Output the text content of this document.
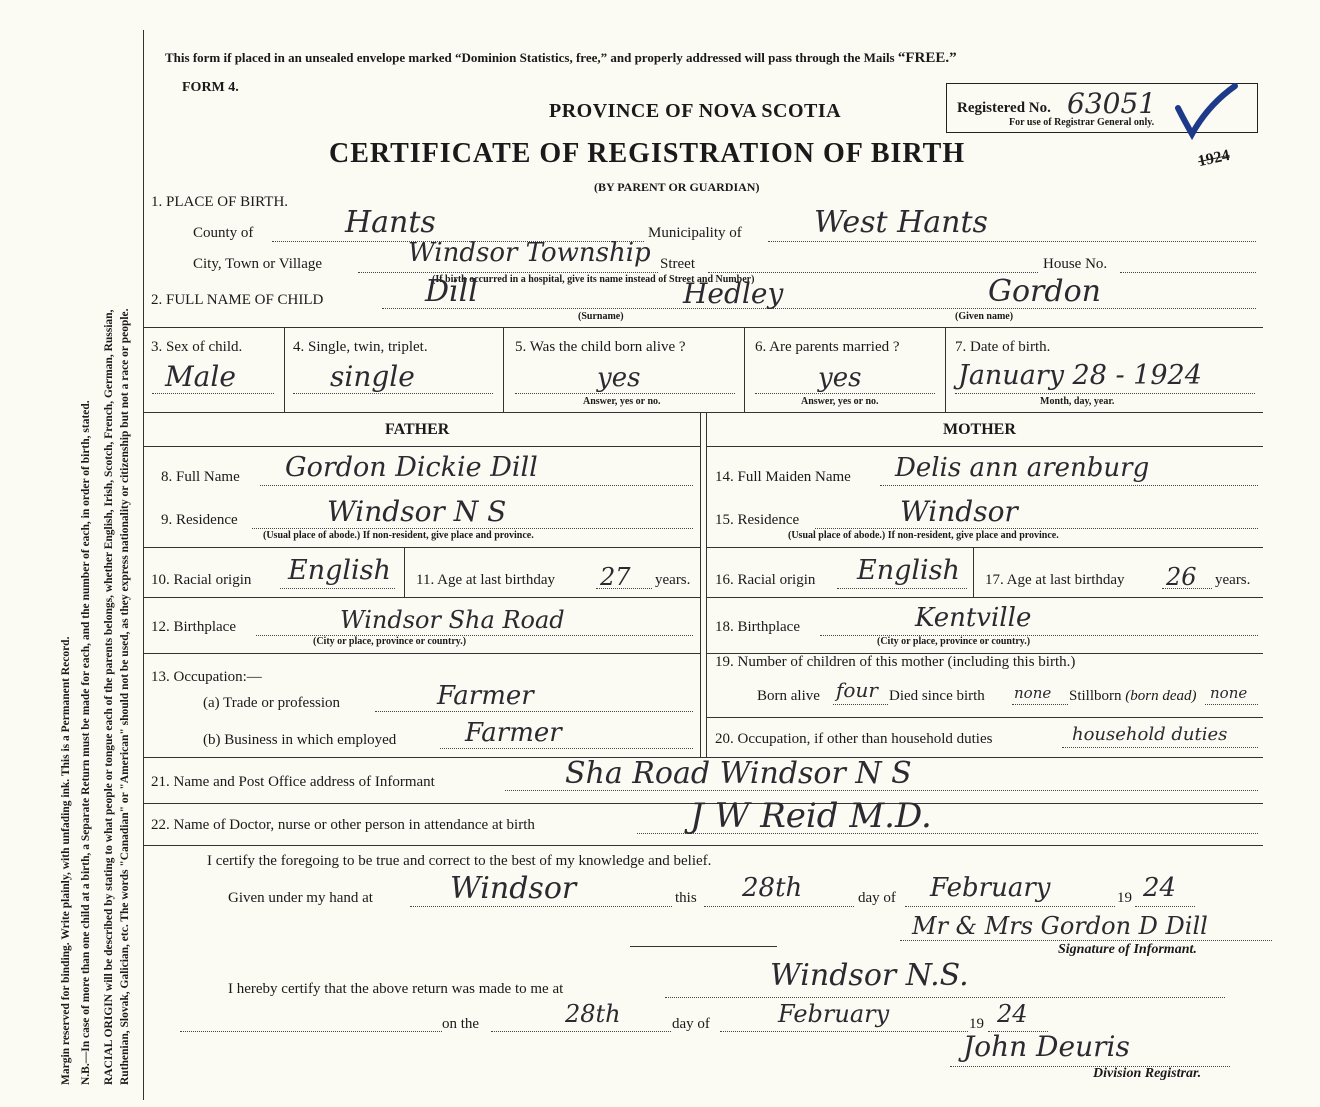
Margin reserved for binding. Write plainly, with unfading ink. This is a Permanent Record. N.B.—In case of more than one child at a birth, a Separate Return must be made for each, and the number of each, in order of birth, stated. RACIAL ORIGIN will be described by stating to what people or tongue each of the parents belongs, whether English, Irish, Scotch, French, German, Russian, Ruthenian, Slovak, Galician, etc. The words "Canadian" or "American" should not be used, as they express nationality or citizenship but not a race or people.
This form if placed in an unsealed envelope marked “Dominion Statistics, free,” and properly addressed will pass through the Mails “FREE.”
FORM 4.
PROVINCE OF NOVA SCOTIA	Registered No. 63051
For use of Registrar General only.
1924
CERTIFICATE OF REGISTRATION OF BIRTH
(BY PARENT OR GUARDIAN)
1. PLACE OF BIRTH.
County of	Hants	Municipality of West Hants
City, Town or Village	Windsor Township Street	House No.
(If birth occurred in a hospital, give its name instead of Street and Number)
2. FULL NAME OF CHILD	Dill
(Surname)
Hedley	Gordon
(Given name)
3. Sex of child.
Male
4. Single, twin, triplet.
single
5. Was the child born alive ?
yes
Answer, yes or no.
6. Are parents married ?
yes
Answer, yes or no.
7. Date of birth.
January 28 - 1924
Month, day, year.
FATHER	MOTHER
8. Full Name Gordon Dickie Dill	14. Full Maiden Name Delis ann arenburg
9. Residence	Windsor N S
(Usual place of abode.) If non-resident, give place and province.
15. Residence	Windsor
(Usual place of abode.) If non-resident, give place and province.
10. Racial origin English 11. Age at last birthday 27 years. 16. Racial origin English 17. Age at last birthday 26 years.
12. Birthplace	Windsor Sha Road
(City or place, province or country.)
18. Birthplace	Kentville
(City or place, province or country.)
13. Occupation:—
(a) Trade or profession	Farmer
(b) Business in which employed	Farmer
19. Number of children of this mother (including this birth.)
Born alive four Died since birth none Stillborn (born dead) none
20. Occupation, if other than household duties	household duties
21. Name and Post Office address of Informant	Sha Road Windsor N S
22. Name of Doctor, nurse or other person in attendance at birth	J W Reid M.D.
I certify the foregoing to be true and correct to the best of my knowledge and belief.
Given under my hand at	Windsor	this 28th	day of February	19 24
Mr & Mrs Gordon D Dill
Signature of Informant.
I hereby certify that the above return was made to me at	Windsor N.S.
on the	28th	day of	February	19 24
John Deuris
Division Registrar.
